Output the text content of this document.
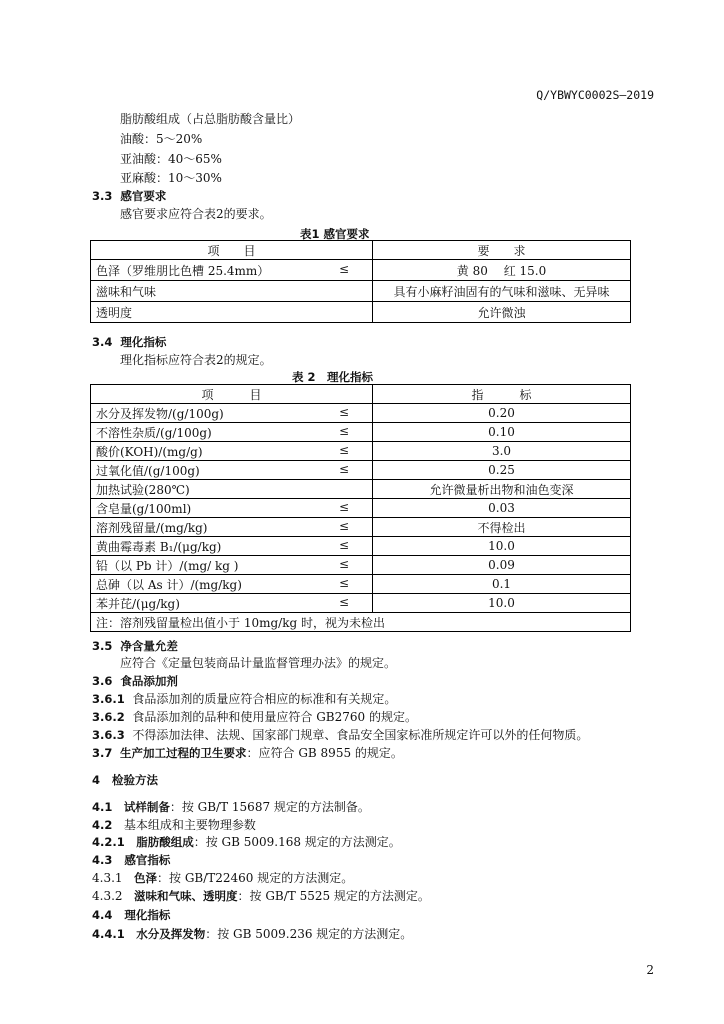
Q/YBWYC0002S—2019
脂肪酸组成（占总脂肪酸含量比）
油酸：5～20%
亚油酸：40～65%
亚麻酸：10～30%
3.3 感官要求
感官要求应符合表2的要求。
表1 感官要求
项　　目	要　　求
色泽（罗维朋比色槽 25.4mm） ≤	黄 80　 红 15.0
滋味和气味	具有小麻籽油固有的气味和滋味、无异味
透明度	允许微浊
3.4 理化指标
理化指标应符合表2的规定。
表 2　理化指标
项　　　目	指　　　标
水分及挥发物/(g/100g) ≤	0.20
不溶性杂质/(g/100g) ≤	0.10
酸价(KOH)/(mg/g) ≤	3.0
过氧化值/(g/100g) ≤	0.25
加热试验(280℃)	允许微量析出物和油色变深
含皂量(g/100ml) ≤	0.03
溶剂残留量/(mg/kg) ≤	不得检出
黄曲霉毒素 B₁/(μg/kg) ≤	10.0
铅（以 Pb 计）/(mg/ kg ) ≤	0.09
总砷（以 As 计）/(mg/kg) ≤	0.1
苯并芘/(μg/kg) ≤	10.0
注：溶剂残留量检出值小于 10mg/kg 时，视为未检出	
3.5 净含量允差
应符合《定量包装商品计量监督管理办法》的规定。
3.6 食品添加剂
3.6.1 食品添加剂的质量应符合相应的标准和有关规定。
3.6.2 食品添加剂的品种和使用量应符合 GB2760 的规定。
3.6.3 不得添加法律、法规、国家部门规章、食品安全国家标准所规定许可以外的任何物质。
3.7 生产加工过程的卫生要求：应符合 GB 8955 的规定。
4 检验方法
4.1 试样制备：按 GB/T 15687 规定的方法制备。
4.2 基本组成和主要物理参数
4.2.1 脂肪酸组成：按 GB 5009.168 规定的方法测定。
4.3 感官指标
4.3.1 色泽：按 GB/T22460 规定的方法测定。
4.3.2 滋味和气味、透明度：按 GB/T 5525 规定的方法测定。
4.4 理化指标
4.4.1 水分及挥发物：按 GB 5009.236 规定的方法测定。
2
